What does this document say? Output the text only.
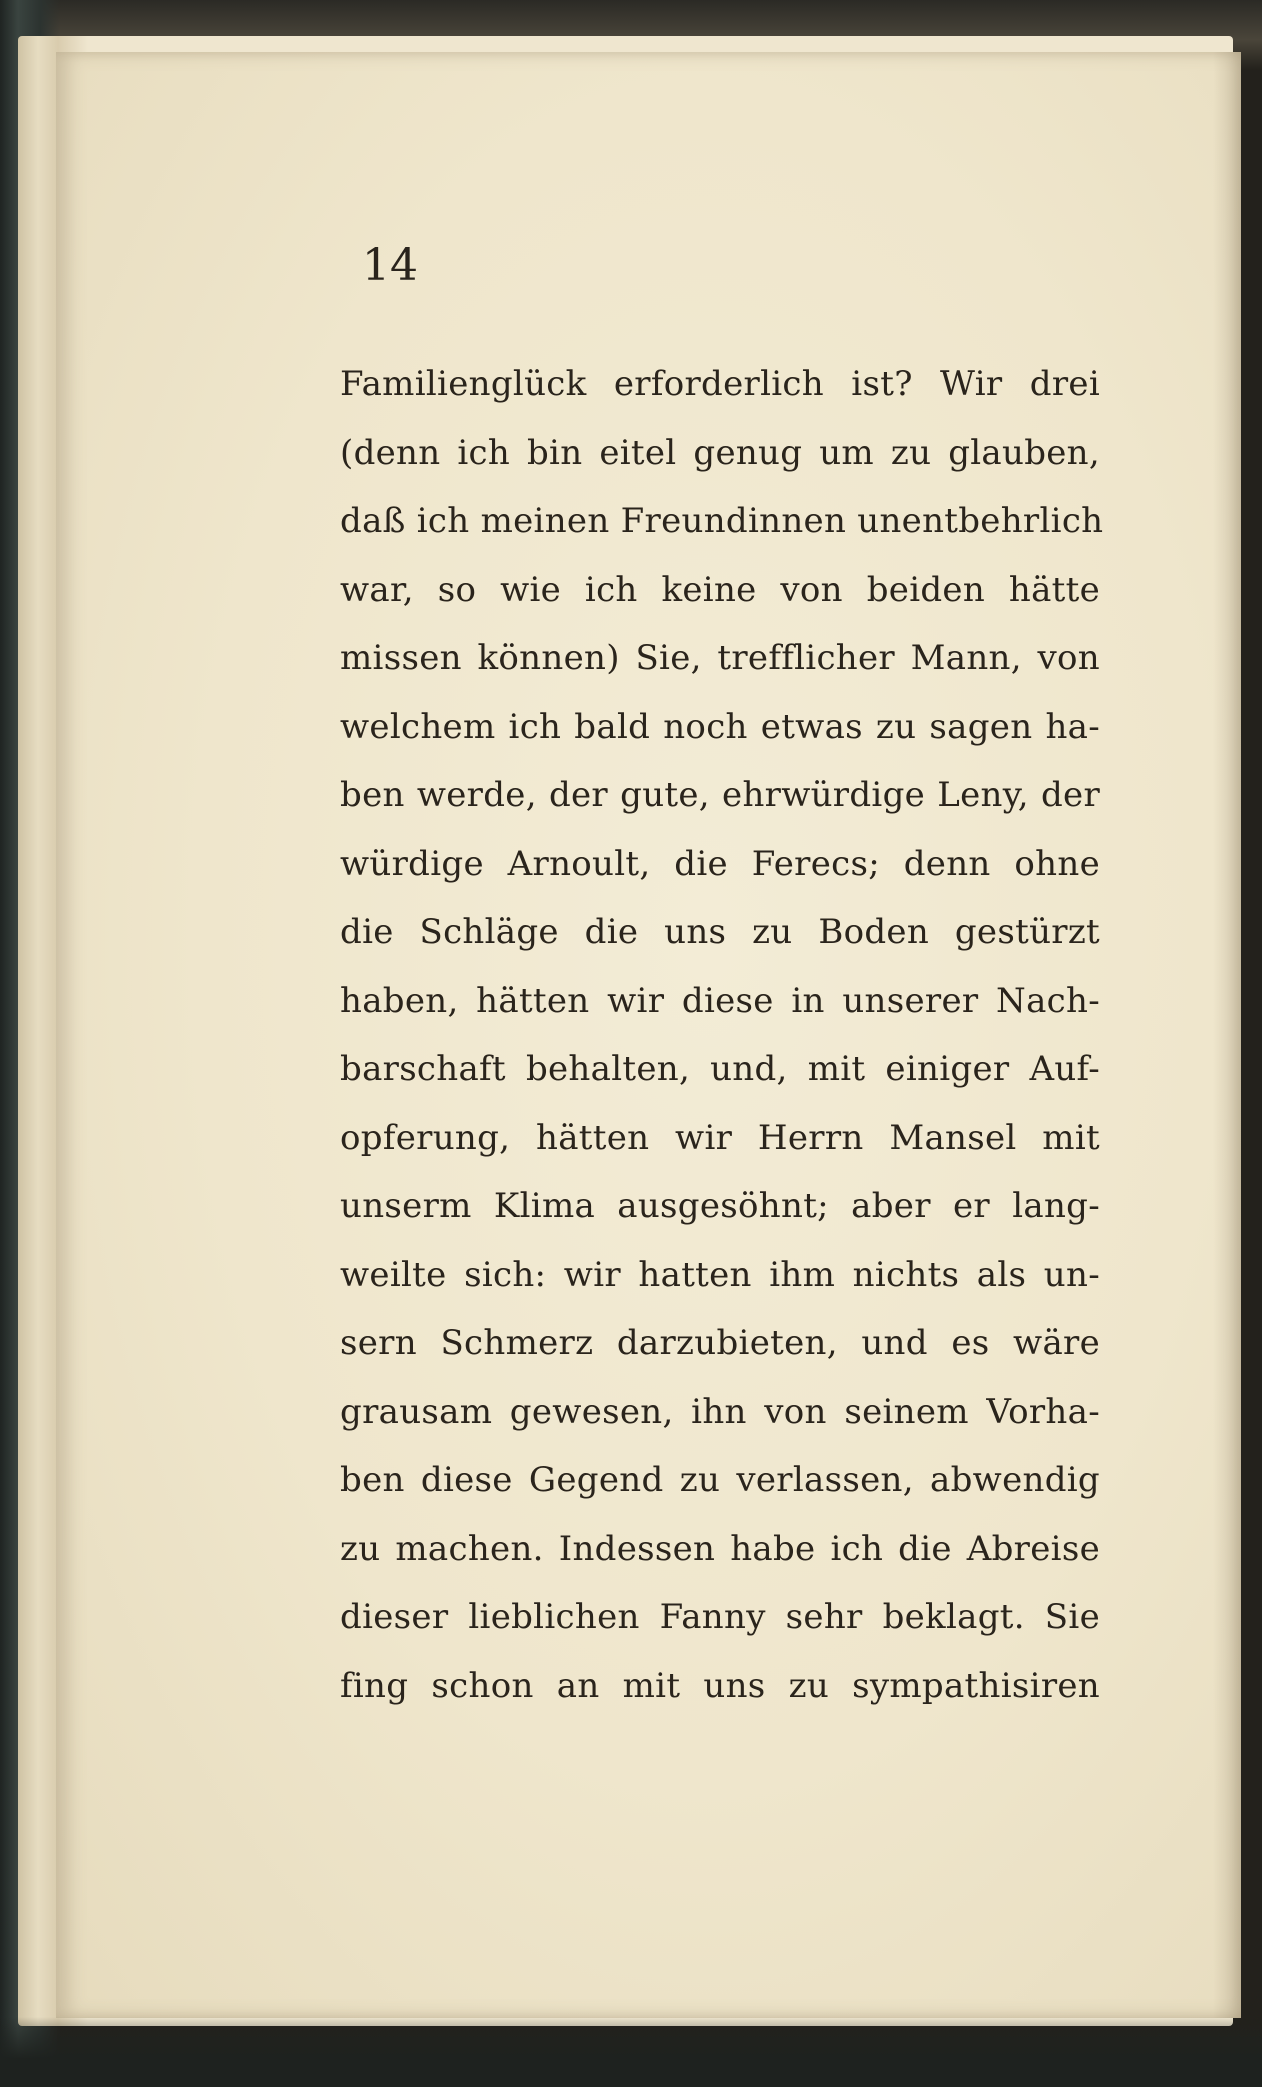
14
Familienglück erforderlich ist? Wir drei
(denn ich bin eitel genug um zu glauben,
daß ich meinen Freundinnen unentbehrlich
war, so wie ich keine von beiden hätte
missen können) Sie, trefflicher Mann, von
welchem ich bald noch etwas zu sagen ha-
ben werde, der gute, ehrwürdige Leny, der
würdige Arnoult, die Ferecs; denn ohne
die Schläge die uns zu Boden gestürzt
haben, hätten wir diese in unserer Nach-
barschaft behalten, und, mit einiger Auf-
opferung, hätten wir Herrn Mansel mit
unserm Klima ausgesöhnt; aber er lang-
weilte sich: wir hatten ihm nichts als un-
sern Schmerz darzubieten, und es wäre
grausam gewesen, ihn von seinem Vorha-
ben diese Gegend zu verlassen, abwendig
zu machen. Indessen habe ich die Abreise
dieser lieblichen Fanny sehr beklagt. Sie
fing schon an mit uns zu sympathisiren
